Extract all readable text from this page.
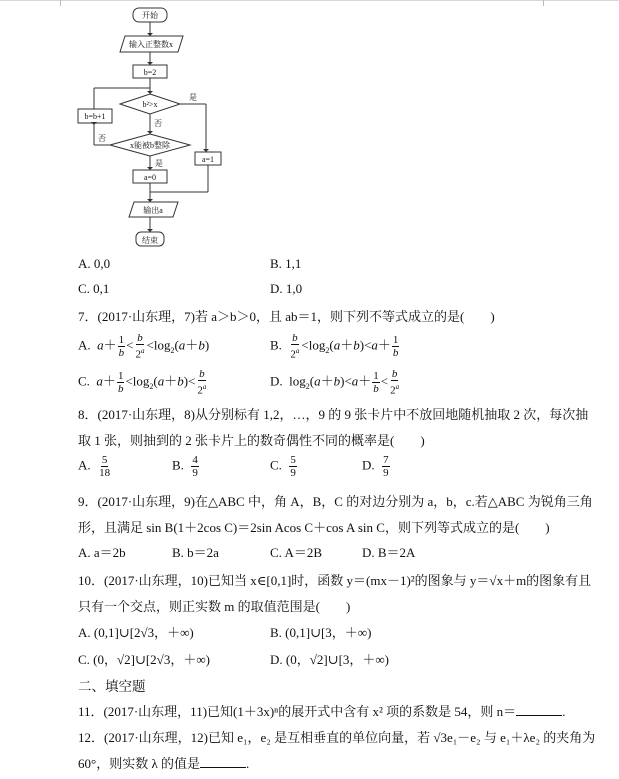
开始
输入正整数x
b=2
b²>x
是
否
b=b+1
x能被b整除
否
是	a=1
a=0
输出a
结束
A. 0,0	B. 1,1
C. 0,1	D. 1,0
7．(2017·山东理，7)若 a＞b＞0，且 ab＝1，则下列不等式成立的是(　　)
A.  $a+ \frac{1}{b} < \frac{b}{2^a} <\log_2(a+b)$	B. $\frac{b}{2^a} <\log_2(a+b)<a+ \frac{1}{b}$
C.  $a+ \frac{1}{b} <\log_2(a+b)< \frac{b}{2^a}$	D.  $\log_2(a+b)<a+ \frac{1}{b} < \frac{b}{2^a}$
8．(2017·山东理，8)从分别标有 1,2，…，9 的 9 张卡片中不放回地随机抽取 2 次，每次抽
取 1 张，则抽到的 2 张卡片上的数奇偶性不同的概率是(　　)
A. $\frac{5}{18}$	B. $\frac{4}{9}$	C. $\frac{5}{9}$	D. $\frac{7}{9}$
9．(2017·山东理，9)在△ABC 中，角 A，B，C 的对边分别为 a，b，c.若△ABC 为锐角三角
形，且满足 sin B(1＋2cos C)＝2sin Acos C＋cos A sin C，则下列等式成立的是(　　)
A. a＝2b	B. b＝2a	C. A＝2B	D. B＝2A
10．(2017·山东理，10)已知当 x∈[0,1]时，函数 y＝(mx－1)²的图象与 y＝√x＋m的图象有且
只有一个交点，则正实数 m 的取值范围是(　　)
A. (0,1]∪[2√3，＋∞)	B. (0,1]∪[3，＋∞)
C. (0，√2]∪[2√3，＋∞)	D. (0，√2]∪[3，＋∞)
二、填空题
11．(2017·山东理，11)已知(1＋3x)ⁿ的展开式中含有 x² 项的系数是 54，则 n＝	.
12．(2017·山东理，12)已知 e₁，e₂ 是互相垂直的单位向量，若 √3e₁－e₂ 与 e₁＋λe₂ 的夹角为
60°，则实数 λ 的值是	.
